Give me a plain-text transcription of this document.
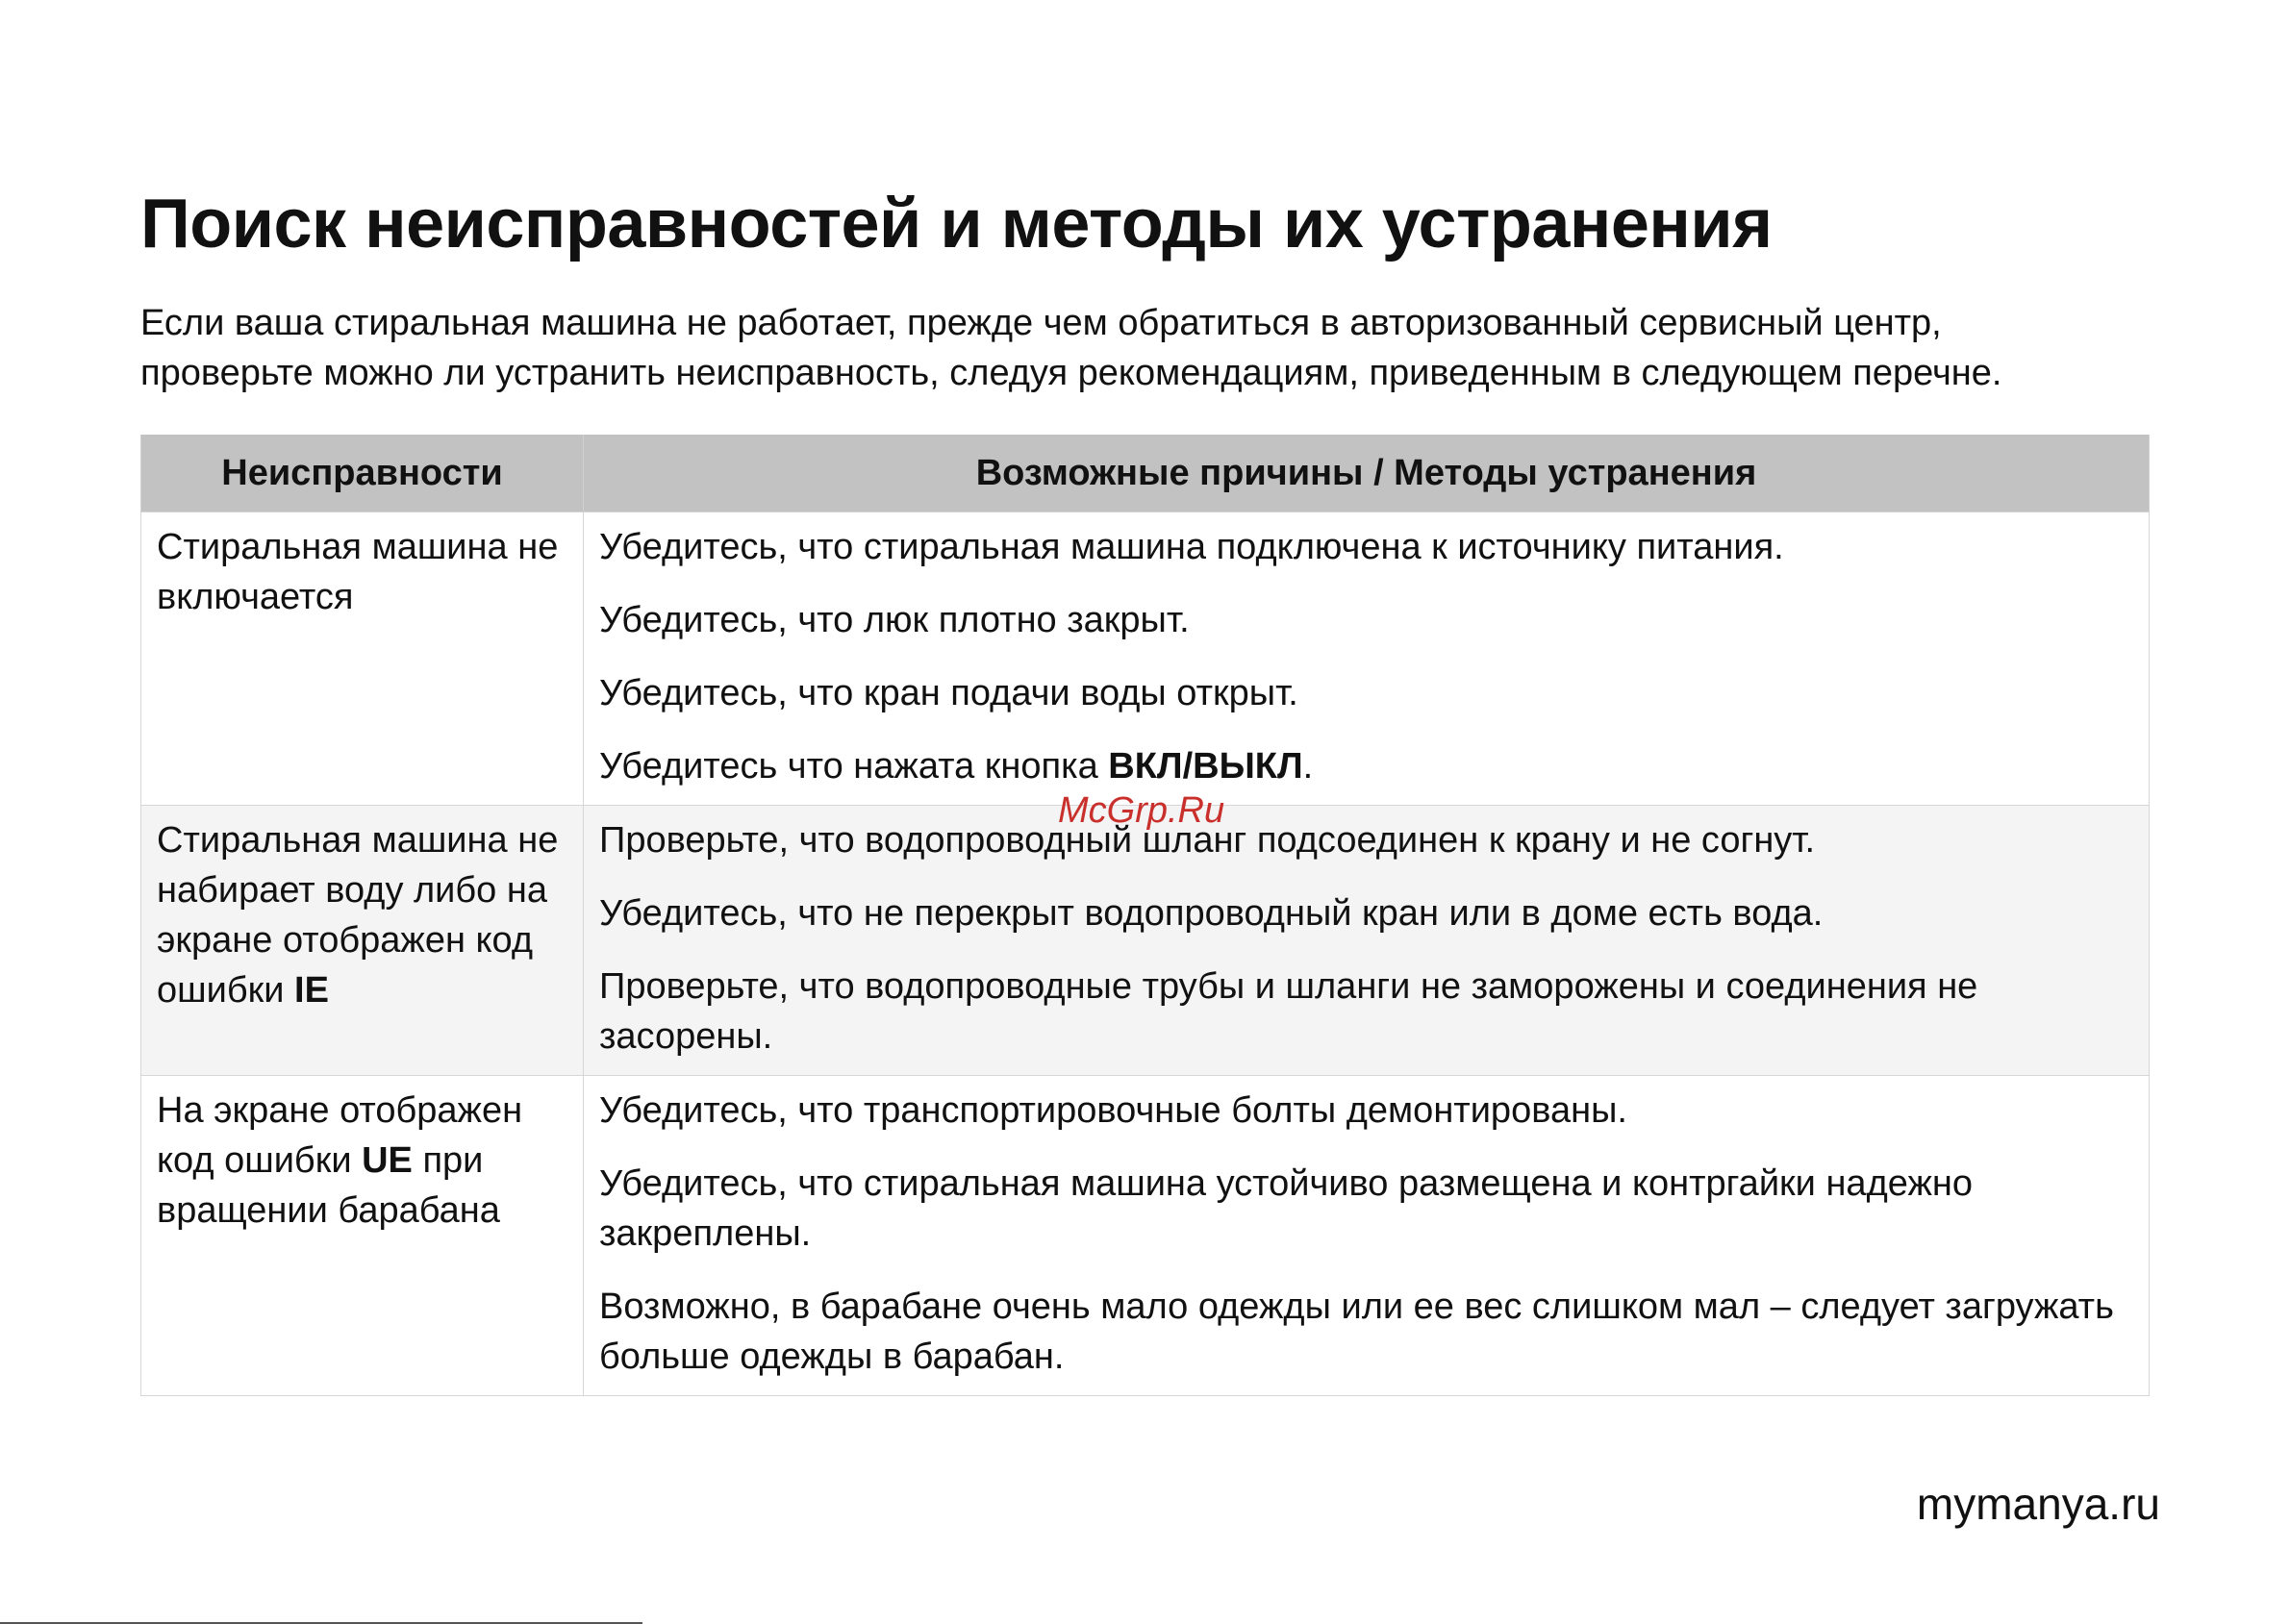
Поиск неисправностей и методы их устранения
Если ваша стиральная машина не работает, прежде чем обратиться в авторизованный сервисный центр,
проверьте можно ли устранить неисправность, следуя рекомендациям, приведенным в следующем перечне.
Неисправности	Возможные причины / Методы устранения
Стиральная машина не включается	Убедитесь, что стиральная машина подключена к источнику питания.
Убедитесь, что люк плотно закрыт.
Убедитесь, что кран подачи воды открыт.
Убедитесь что нажата кнопка ВКЛ/ВЫКЛ.

Стиральная машина не набирает воду либо на экране отображен код ошибки IE	Проверьте, что водопроводный шланг подсоединен к крану и не согнут.
Убедитесь, что не перекрыт водопроводный кран или в доме есть вода.
Проверьте, что водопроводные трубы и шланги не заморожены и соединения не засорены.

На экране отображен код ошибки UE при вращении барабана	Убедитесь, что транспортировочные болты демонтированы.
Убедитесь, что стиральная машина устойчиво размещена и контргайки надежно закреплены.
Возможно, в барабане очень мало одежды или ее вес слишком мал – следует загружать больше одежды в барабан.
McGrp.Ru
mymanya.ru
